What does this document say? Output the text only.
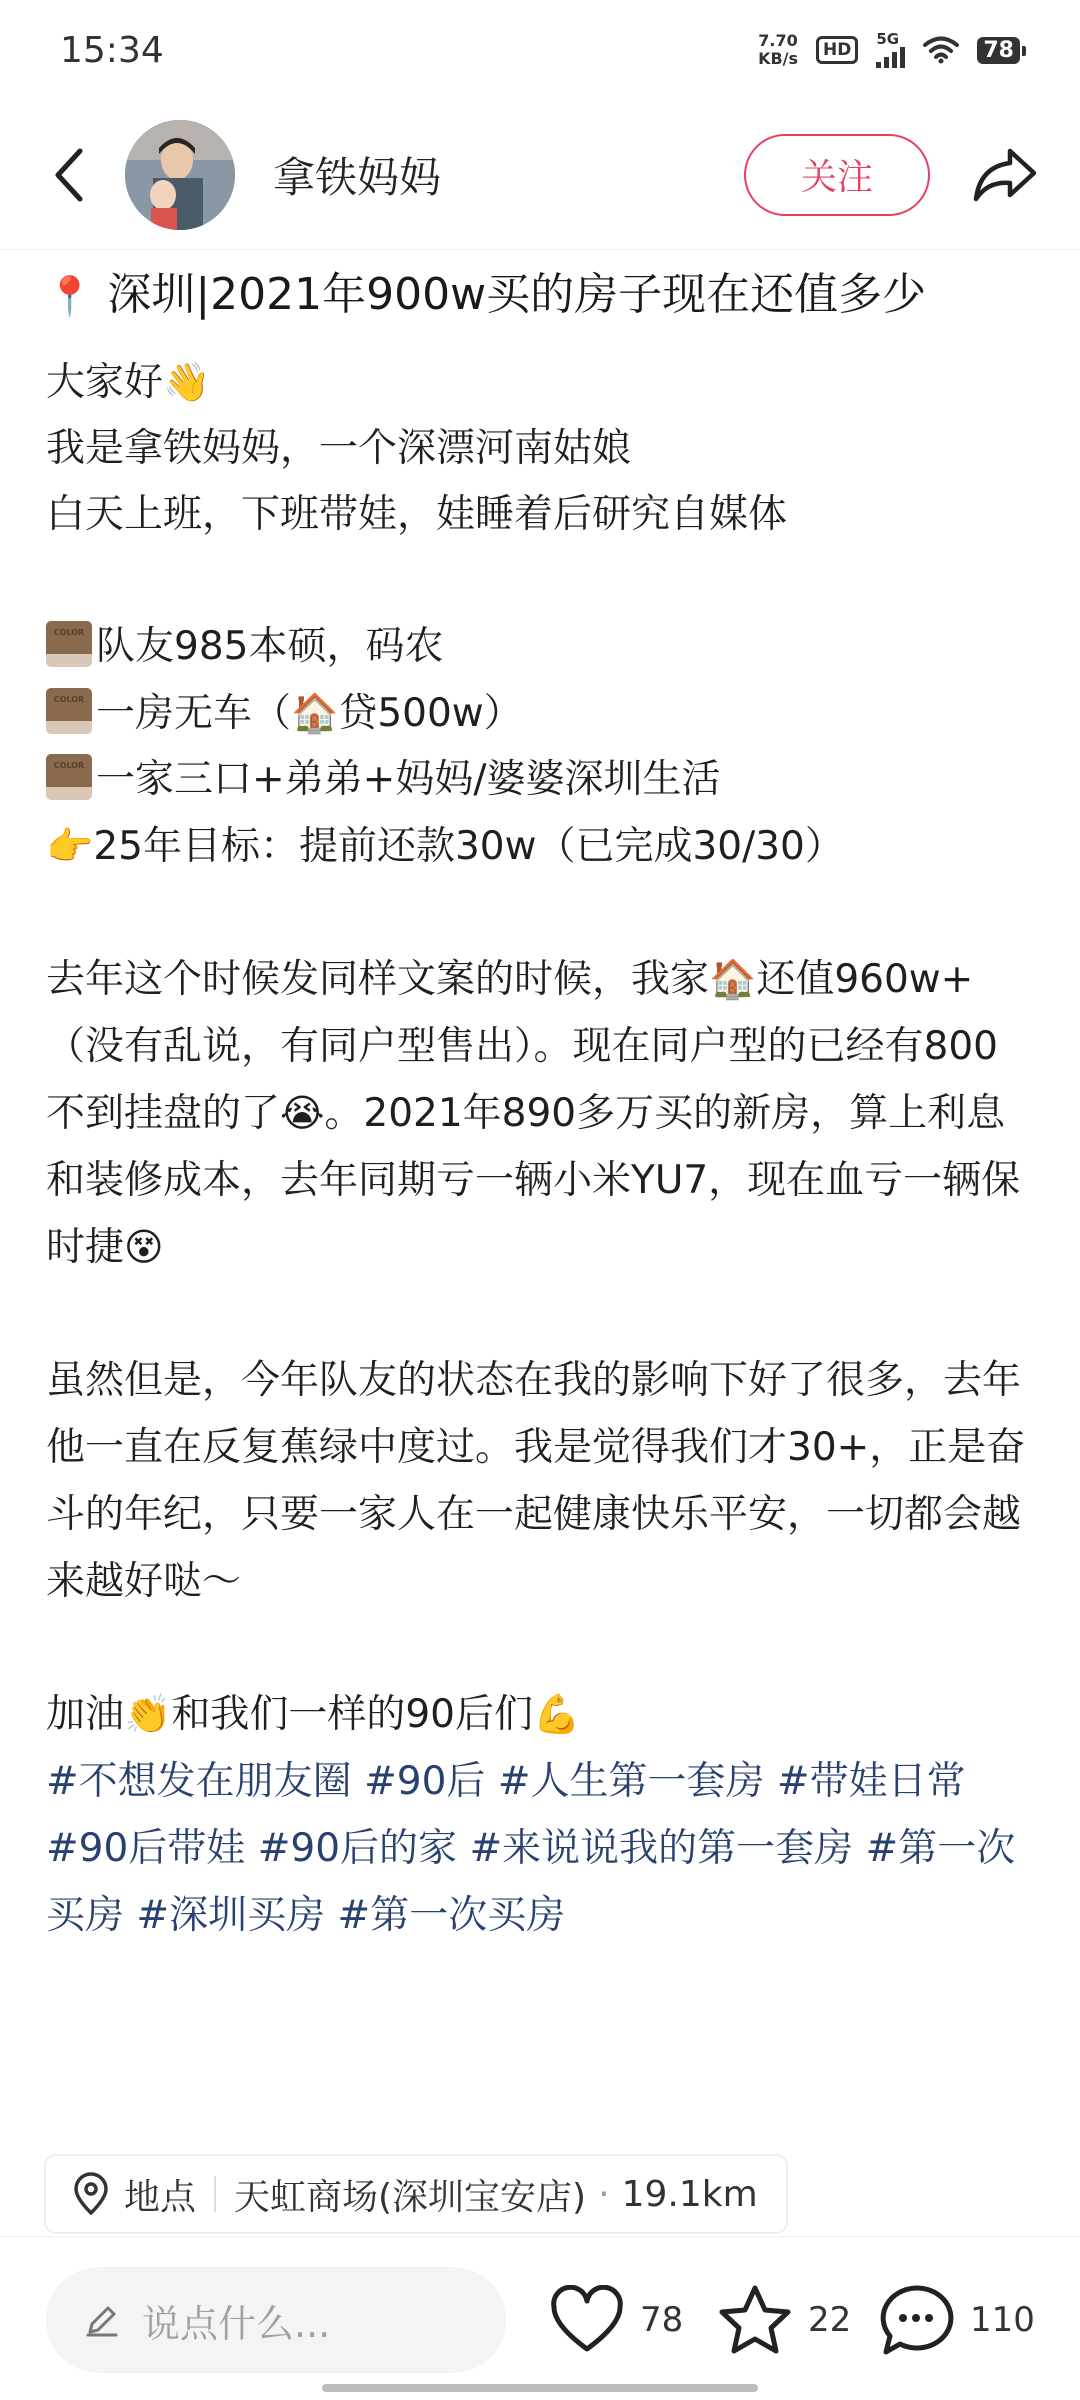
15:34	7.70
KB/s	HD
5G	78
拿铁妈妈	关注
📍 深圳|2021年900w买的房子现在还值多少
大家好👋
我是拿铁妈妈，一个深漂河南姑娘
白天上班，下班带娃，娃睡着后研究自媒体
COLOR队友985本硕，码农
COLOR一房无车（🏠贷500w）
COLOR一家三口+弟弟+妈妈/婆婆深圳生活
👉25年目标：提前还款30w（已完成30/30）
去年这个时候发同样文案的时候，我家🏠还值960w+（没有乱说，有同户型售出）。现在同户型的已经有800不到挂盘的了😭。2021年890多万买的新房，算上利息和装修成本，去年同期亏一辆小米YU7，现在血亏一辆保时捷😵
虽然但是，今年队友的状态在我的影响下好了很多，去年他一直在反复蕉绿中度过。我是觉得我们才30+，正是奋斗的年纪，只要一家人在一起健康快乐平安，一切都会越来越好哒～
加油👏和我们一样的90后们💪
#不想发在朋友圈 #90后 #人生第一套房 #带娃日常
#90后带娃 #90后的家 #来说说我的第一套房 #第一次买房 #深圳买房 #第一次买房
地点 天虹商场(深圳宝安店) · 19.1km
说点什么...	78	22	110
